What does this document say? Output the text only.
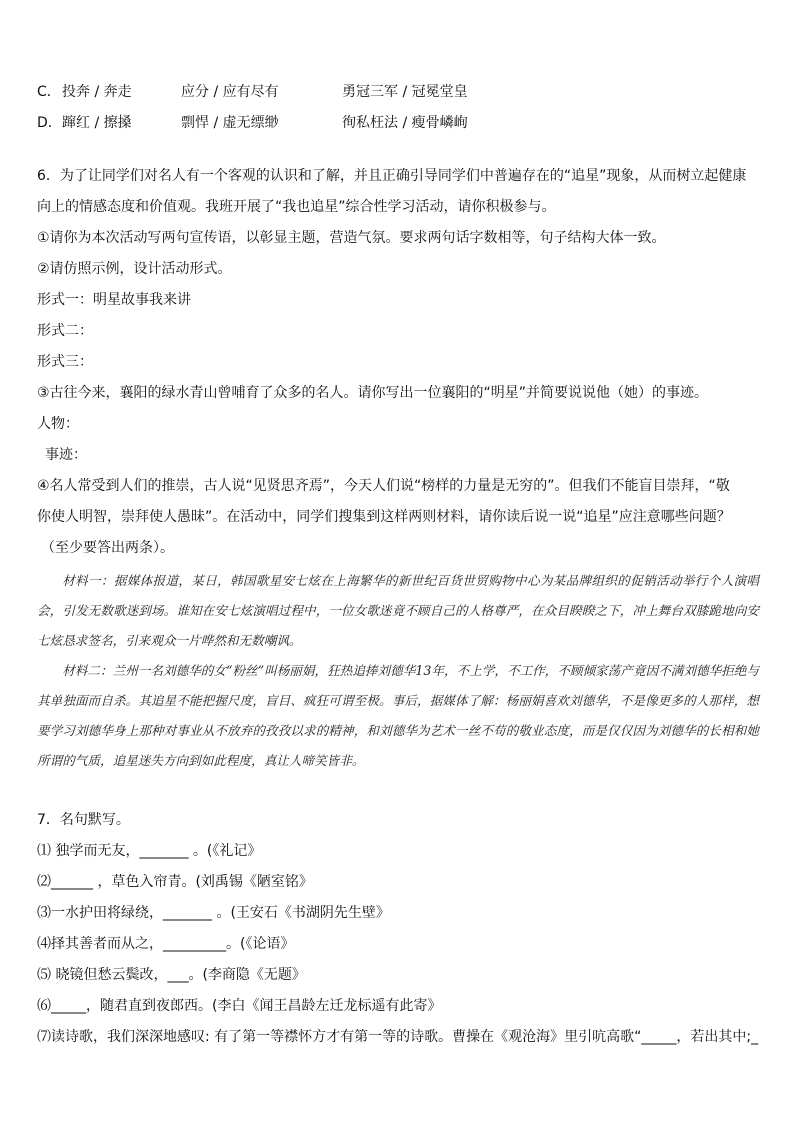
C． 投奔 / 奔走	应分 / 应有尽有	勇冠三军 / 冠冕堂皇
D． 蹿红 / 擦搡	剽悍 / 虚无缥缈	徇私枉法 / 瘦骨嶙峋
6．为了让同学们对名人有一个客观的认识和了解，并且正确引导同学们中普遍存在的“追星”现象，从而树立起健康
向上的情感态度和价值观。我班开展了“我也追星”综合性学习活动，请你积极参与。
①请你为本次活动写两句宣传语，以彰显主题，营造气氛。要求两句话字数相等，句子结构大体一致。
②请仿照示例，设计活动形式。
形式一：明星故事我来讲
形式二：
形式三：
③古往今来，襄阳的绿水青山曾哺育了众多的名人。请你写出一位襄阳的“明星”并简要说说他（她）的事迹。
人物：
事迹：
④名人常受到人们的推崇，古人说“见贤思齐焉”，今天人们说“榜样的力量是无穷的”。但我们不能盲目崇拜，“敬
你使人明智，崇拜使人愚昧”。在活动中，同学们搜集到这样两则材料，请你读后说一说“追星”应注意哪些问题？
（至少要答出两条）。

材料一：据媒体报道，某日，韩国歌星安七炫在上海繁华的新世纪百货世贸购物中心为某品牌组织的促销活动举行个人演唱会，引发无数歌迷到场。谁知在安七炫演唱过程中，一位女歌迷竟不顾自己的人格尊严，在众目睽睽之下，冲上舞台双膝跪地向安七炫恳求签名，引来观众一片哗然和无数嘲讽。

材料二：兰州一名刘德华的女“粉丝”叫杨丽娟，狂热追捧刘德华13年，不上学，不工作，不顾倾家荡产竟因不满刘德华拒绝与其单独面而自杀。其追星不能把握尺度，盲目、疯狂可谓至极。事后，据媒体了解：杨丽娟喜欢刘德华，不是像更多的人那样，想要学习刘德华身上那种对事业从不放弃的孜孜以求的精神，和刘德华为艺术一丝不苟的敬业态度，而是仅仅因为刘德华的长相和她所谓的气质，追星迷失方向到如此程度，真让人啼笑皆非。

7．名句默写。
⑴ 独学而无友，_______ 。(《礼记》
⑵______ ，草色入帘青。(刘禹锡《陋室铭》
⑶一水护田将绿绕，_______ 。(王安石《书湖阴先生壁》
⑷择其善者而从之，_________。(《论语》
⑸ 晓镜但愁云鬓改，___。(李商隐《无题》
⑹_____，随君直到夜郎西。(李白《闻王昌龄左迁龙标遥有此寄》
⑺读诗歌，我们深深地感叹: 有了第一等襟怀方才有第一等的诗歌。曹操在《观沧海》里引吭高歌“_____，若出其中;_
